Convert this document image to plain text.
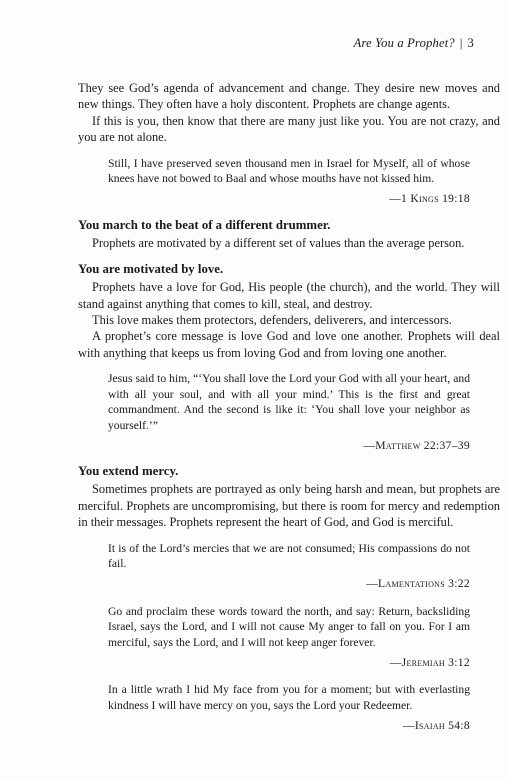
Are You a Prophet? | 3

They see God’s agenda of advancement and change. They desire new moves and new things. They often have a holy discontent. Prophets are change agents.

If this is you, then know that there are many just like you. You are not crazy, and you are not alone.

Still, I have preserved seven thousand men in Israel for Myself, all of whose knees have not bowed to Baal and whose mouths have not kissed him.

—1 Kings 19:18
You march to the beat of a different drummer.

Prophets are motivated by a different set of values than the average person.

You are motivated by love.

Prophets have a love for God, His people (the church), and the world. They will stand against anything that comes to kill, steal, and destroy.

This love makes them protectors, defenders, deliverers, and intercessors.

A prophet’s core message is love God and love one another. Prophets will deal with anything that keeps us from loving God and from loving one another.

Jesus said to him, “‘You shall love the Lord your God with all your heart, and with all your soul, and with all your mind.’ This is the first and great commandment. And the second is like it: ‘You shall love your neighbor as yourself.’”

—Matthew 22:37–39
You extend mercy.

Sometimes prophets are portrayed as only being harsh and mean, but prophets are merciful. Prophets are uncompromising, but there is room for mercy and redemption in their messages. Prophets represent the heart of God, and God is merciful.

It is of the Lord’s mercies that we are not consumed; His compassions do not fail.

—Lamentations 3:22

Go and proclaim these words toward the north, and say: Return, backsliding Israel, says the Lord, and I will not cause My anger to fall on you. For I am merciful, says the Lord, and I will not keep anger forever.

—Jeremiah 3:12

In a little wrath I hid My face from you for a moment; but with everlasting kindness I will have mercy on you, says the Lord your Redeemer.

—Isaiah 54:8
